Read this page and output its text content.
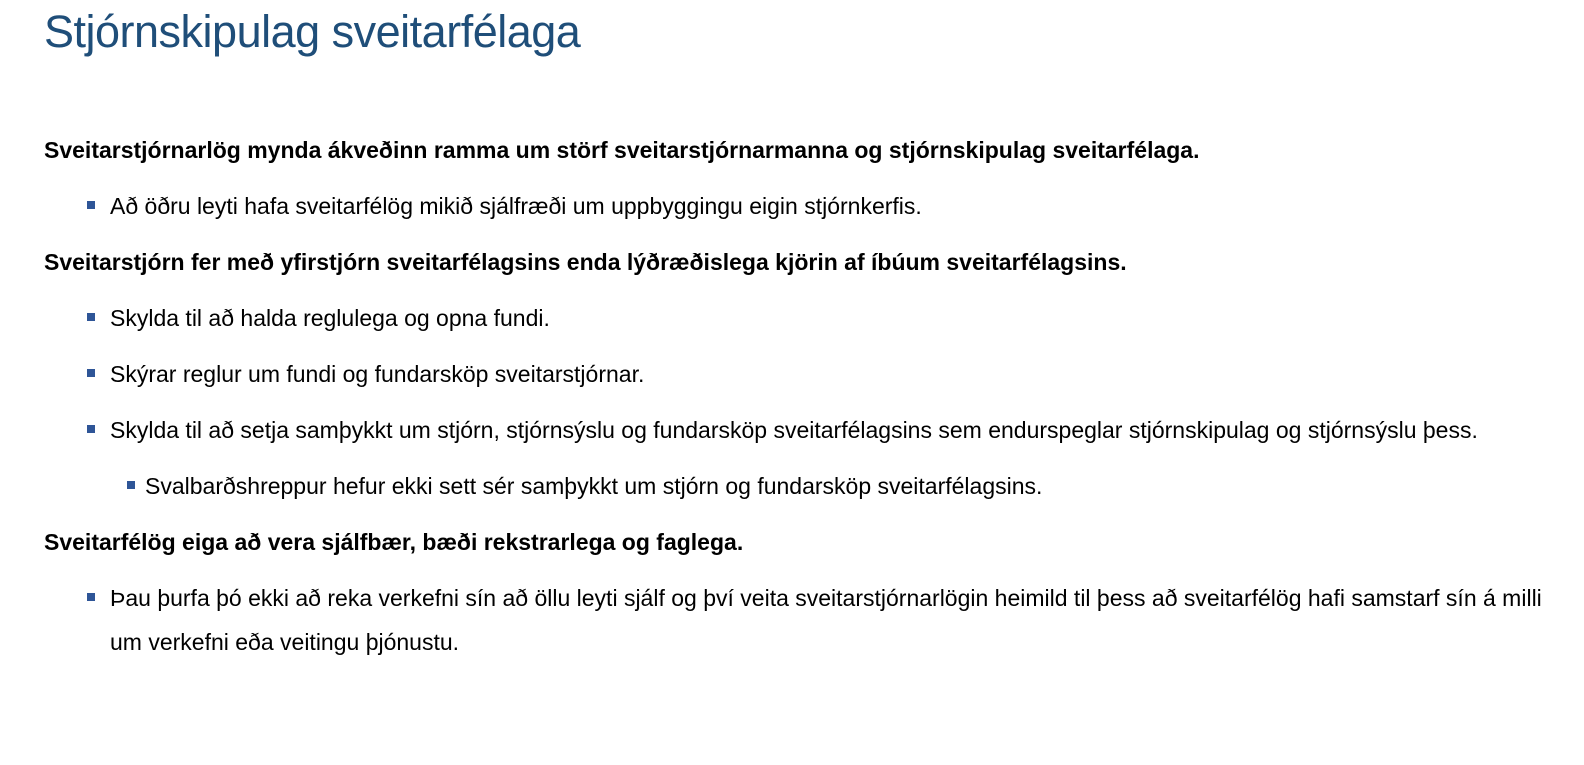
Stjórnskipulag sveitarfélaga
Sveitarstjórnarlög mynda ákveðinn ramma um störf sveitarstjórnarmanna og stjórnskipulag sveitarfélaga.
Að öðru leyti hafa sveitarfélög mikið sjálfræði um uppbyggingu eigin stjórnkerfis.
Sveitarstjórn fer með yfirstjórn sveitarfélagsins enda lýðræðislega kjörin af íbúum sveitarfélagsins.
Skylda til að halda reglulega og opna fundi.
Skýrar reglur um fundi og fundarsköp sveitarstjórnar.
Skylda til að setja samþykkt um stjórn, stjórnsýslu og fundarsköp sveitarfélagsins sem endurspeglar stjórnskipulag og stjórnsýslu þess.
Svalbarðshreppur hefur ekki sett sér samþykkt um stjórn og fundarsköp sveitarfélagsins.
Sveitarfélög eiga að vera sjálfbær, bæði rekstrarlega og faglega.
Þau þurfa þó ekki að reka verkefni sín að öllu leyti sjálf og því veita sveitarstjórnarlögin heimild til þess að sveitarfélög hafi samstarf sín á milli um verkefni eða veitingu þjónustu.
